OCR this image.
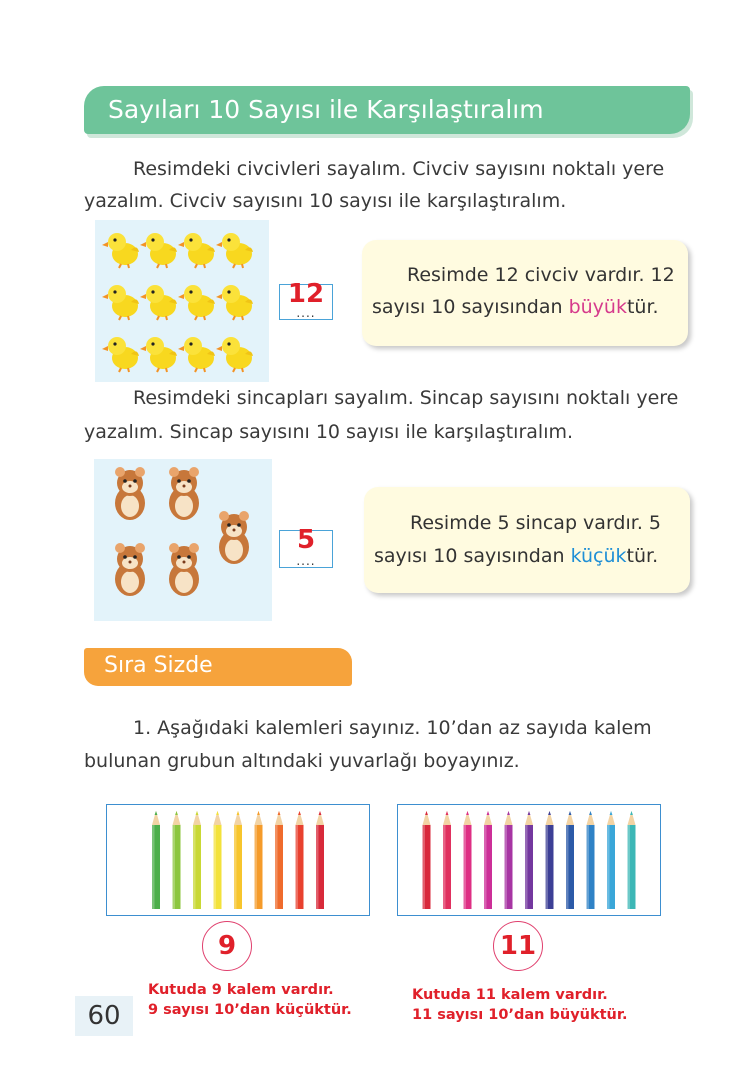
Sayıları 10 Sayısı ile Karşılaştıralım
Resimdeki civcivleri sayalım. Civciv sayısını noktalı yere
yazalım. Civciv sayısını 10 sayısı ile karşılaştıralım.
12
....
Resimde 12 civciv vardır. 12
sayısı 10 sayısından büyüktür.
Resimdeki sincapları sayalım. Sincap sayısını noktalı yere
yazalım. Sincap sayısını 10 sayısı ile karşılaştıralım.
5
....
Resimde 5 sincap vardır. 5
sayısı 10 sayısından küçüktür.
Sıra Sizde
1. Aşağıdaki kalemleri sayınız. 10’dan az sayıda kalem
bulunan grubun altındaki yuvarlağı boyayınız.
9	11
Kutuda 9 kalem vardır.
9 sayısı 10’dan küçüktür.
Kutuda 11 kalem vardır.
11 sayısı 10’dan büyüktür.
60
